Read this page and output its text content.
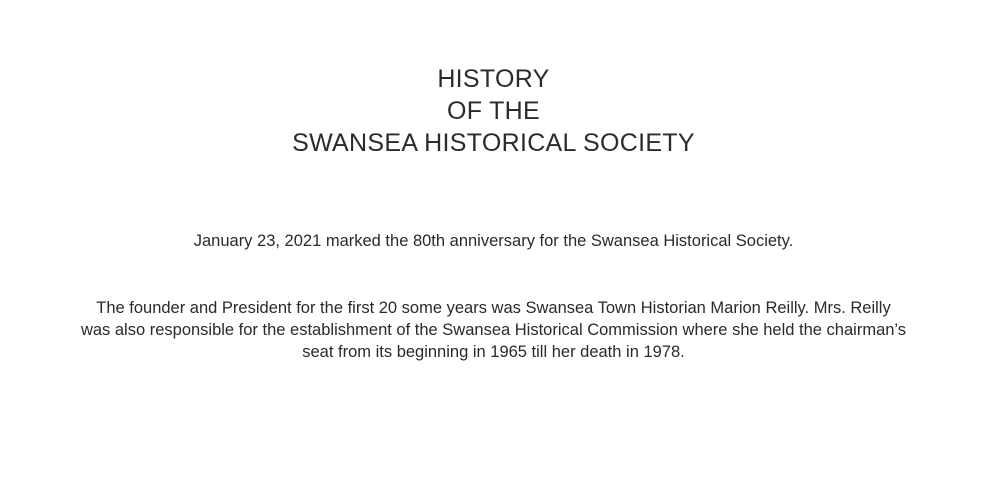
HISTORY
OF THE
SWANSEA HISTORICAL SOCIETY

January 23, 2021 marked the 80th anniversary for the Swansea Historical Society.

The founder and President for the first 20 some years was Swansea Town Historian Marion Reilly. Mrs. Reilly was also responsible for the establishment of the Swansea Historical Commission where she held the chairman’s seat from its beginning in 1965 till her death in 1978.
